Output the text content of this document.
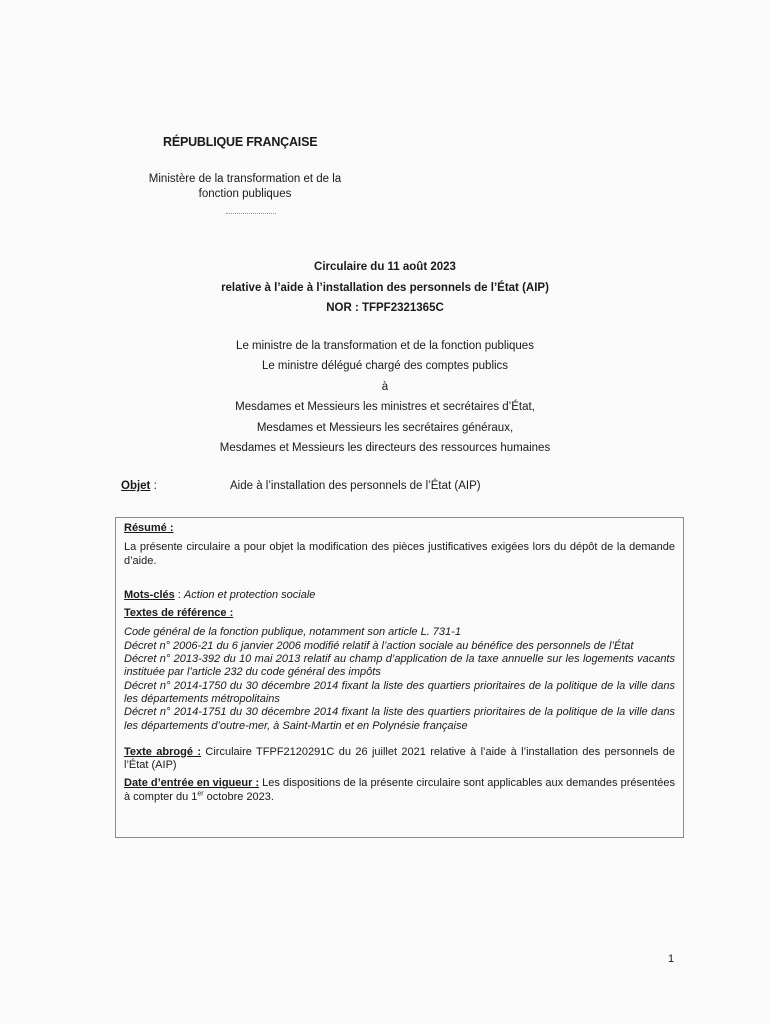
RÉPUBLIQUE FRANÇAISE
Ministère de la transformation et de la
fonction publiques
Circulaire du 11 août 2023
relative à l’aide à l’installation des personnels de l’État (AIP)
NOR : TFPF2321365C
Le ministre de la transformation et de la fonction publiques
Le ministre délégué chargé des comptes publics
à
Mesdames et Messieurs les ministres et secrétaires d’État,
Mesdames et Messieurs les secrétaires généraux,
Mesdames et Messieurs les directeurs des ressources humaines
Objet :	Aide à l’installation des personnels de l’État (AIP)
Résumé :
La présente circulaire a pour objet la modification des pièces justificatives exigées lors du dépôt de la demande d’aide.
Mots-clés : Action et protection sociale
Textes de référence :
Code général de la fonction publique, notamment son article L. 731-1
Décret n° 2006-21 du 6 janvier 2006 modifié relatif à l’action sociale au bénéfice des personnels de l’État
Décret n° 2013-392 du 10 mai 2013 relatif au champ d’application de la taxe annuelle sur les logements vacants instituée par l’article 232 du code général des impôts
Décret n° 2014-1750 du 30 décembre 2014 fixant la liste des quartiers prioritaires de la politique de la ville dans les départements métropolitains
Décret n° 2014-1751 du 30 décembre 2014 fixant la liste des quartiers prioritaires de la politique de la ville dans les départements d’outre-mer, à Saint-Martin et en Polynésie française
Texte abrogé : Circulaire TFPF2120291C du 26 juillet 2021 relative à l’aide à l’installation des personnels de l’État (AIP)
Date d’entrée en vigueur : Les dispositions de la présente circulaire sont applicables aux demandes présentées à compter du 1er octobre 2023.
1
